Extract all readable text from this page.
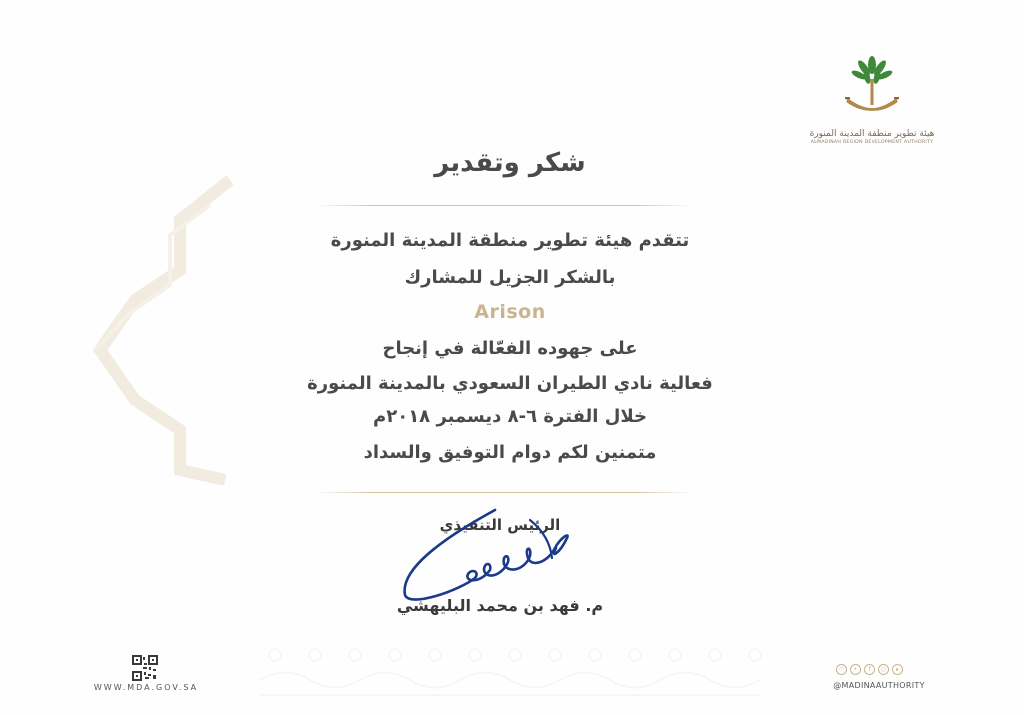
هيئة تطوير منطقة المدينة المنورة
ALMADINAH REGION DEVELOPMENT AUTHORITY
شكر وتقدير
تتقدم هيئة تطوير منطقة المدينة المنورة
بالشكر الجزيل للمشارك
Arison
على جهوده الفعّالة في إنجاح
فعالية نادي الطيران السعودي بالمدينة المنورة
خلال الفترة ٦-٨ ديسمبر ٢٠١٨م
متمنين لكم دوام التوفيق والسداد
الرئيس التنفيذي
م. فهد بن محمد البليهشي
WWW.MDA.GOV.SA
◠	•	f	○	▸
@MADINAAUTHORITY
